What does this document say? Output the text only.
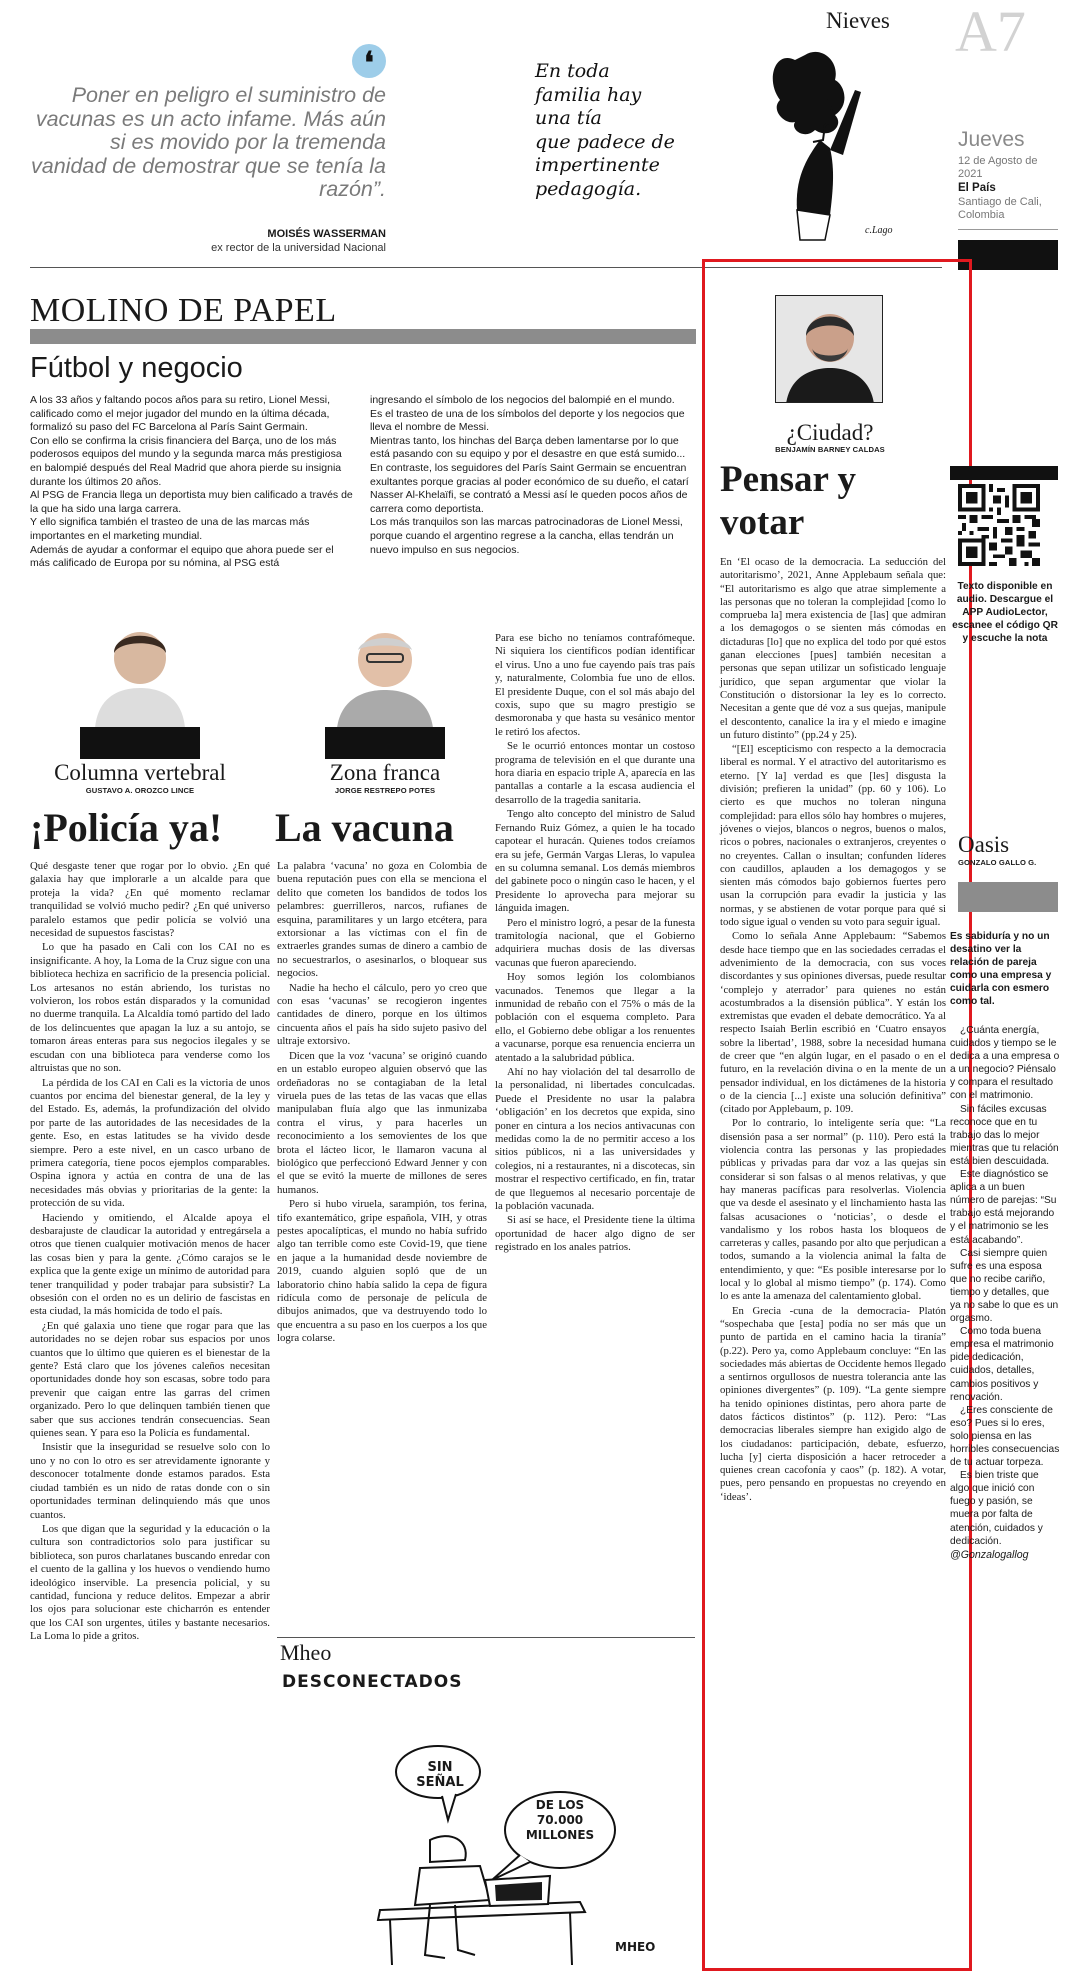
Nieves A7
❛
Poner en peligro el suministro de vacunas es un acto infame. Más aún si es movido por la tremenda vanidad de demostrar que se tenía la razón”.
MOISÉS WASSERMAN
ex rector de la universidad Nacional
En toda
familia hay
una tía
que padece de
impertinente
pedagogía.
c.Lago
Jueves
12 de Agosto de 2021
El País
Santiago de Cali, Colombia
MOLINO DE PAPEL
Fútbol y negocio

A los 33 años y faltando pocos años para su retiro, Lionel Messi, calificado como el mejor jugador del mundo en la última década, formalizó su paso del FC Barcelona al París Saint Germain.

Con ello se confirma la crisis financiera del Barça, uno de los más poderosos equipos del mundo y la segunda marca más prestigiosa en balompié después del Real Madrid que ahora pierde su insignia durante los últimos 20 años.

Al PSG de Francia llega un deportista muy bien calificado a través de la que ha sido una larga carrera.

Y ello significa también el trasteo de una de las marcas más importantes en el marketing mundial.

Además de ayudar a conformar el equipo que ahora puede ser el más calificado de Europa por su nómina, al PSG está

ingresando el símbolo de los negocios del balompié en el mundo.

Es el trasteo de una de los símbolos del deporte y los negocios que lleva el nombre de Messi.

Mientras tanto, los hinchas del Barça deben lamentarse por lo que está pasando con su equipo y por el desastre en que está sumido...

En contraste, los seguidores del París Saint Germain se encuentran exultantes porque gracias al poder económico de su dueño, el catarí Nasser Al-Khelaïfi, se contrató a Messi así le queden pocos años de carrera como deportista.

Los más tranquilos son las marcas patrocinadoras de Lionel Messi, porque cuando el argentino regrese a la cancha, ellas tendrán un nuevo impulso en sus negocios.

Columna vertebral
GUSTAVO A. OROZCO LINCE
¡Policía ya!

Qué desgaste tener que rogar por lo obvio. ¿En qué galaxia hay que implorarle a un alcalde para que proteja la vida? ¿En qué momento reclamar tranquilidad se volvió mucho pedir? ¿En qué universo paralelo estamos que pedir policía se volvió una necesidad de supuestos fascistas?

Lo que ha pasado en Cali con los CAI no es insignificante. A hoy, la Loma de la Cruz sigue con una biblioteca hechiza en sacrificio de la presencia policial. Los artesanos no están abriendo, los turistas no volvieron, los robos están disparados y la comunidad no duerme tranquila. La Alcaldía tomó partido del lado de los delincuentes que apagan la luz a su antojo, se tomaron áreas enteras para sus negocios ilegales y se escudan con una biblioteca para venderse como los altruistas que no son.

La pérdida de los CAI en Cali es la victoria de unos cuantos por encima del bienestar general, de la ley y del Estado. Es, además, la profundización del olvido por parte de las autoridades de las necesidades de la gente. Eso, en estas latitudes se ha vivido desde siempre. Pero a este nivel, en un casco urbano de primera categoría, tiene pocos ejemplos comparables. Ospina ignora y actúa en contra de una de las necesidades más obvias y prioritarias de la gente: la protección de su vida.

Haciendo y omitiendo, el Alcalde apoya el desbarajuste de claudicar la autoridad y entregársela a otros que tienen cualquier motivación menos de hacer las cosas bien y para la gente. ¿Cómo carajos se le explica que la gente exige un mínimo de autoridad para tener tranquilidad y poder trabajar para subsistir? La obsesión con el orden no es un delirio de fascistas en esta ciudad, la más homicida de todo el país.

¿En qué galaxia uno tiene que rogar para que las autoridades no se dejen robar sus espacios por unos cuantos que lo último que quieren es el bienestar de la gente? Está claro que los jóvenes caleños necesitan oportunidades donde hoy son escasas, sobre todo para prevenir que caigan entre las garras del crimen organizado. Pero lo que delinquen también tienen que saber que sus acciones tendrán consecuencias. Sean quienes sean. Y para eso la Policía es fundamental.

Insistir que la inseguridad se resuelve solo con lo uno y no con lo otro es ser atrevidamente ignorante y desconocer totalmente donde estamos parados. Esta ciudad también es un nido de ratas donde con o sin oportunidades terminan delinquiendo más que unos cuantos.

Los que digan que la seguridad y la educación o la cultura son contradictorios solo para justificar su biblioteca, son puros charlatanes buscando enredar con el cuento de la gallina y los huevos o vendiendo humo ideológico inservible. La presencia policial, y su cantidad, funciona y reduce delitos. Empezar a abrir los ojos para solucionar este chicharrón es entender que los CAI son urgentes, útiles y bastante necesarios. La Loma lo pide a gritos.

Zona franca
JORGE RESTREPO POTES
La vacuna

La palabra ‘vacuna’ no goza en Colombia de buena reputación pues con ella se menciona el delito que cometen los bandidos de todos los pelambres: guerrilleros, narcos, rufianes de esquina, paramilitares y un largo etcétera, para extorsionar a las víctimas con el fin de extraerles grandes sumas de dinero a cambio de no secuestrarlos, o asesinarlos, o bloquear sus negocios.

Nadie ha hecho el cálculo, pero yo creo que con esas ‘vacunas’ se recogieron ingentes cantidades de dinero, porque en los últimos cincuenta años el país ha sido sujeto pasivo del ultraje extorsivo.

Dicen que la voz ‘vacuna’ se originó cuando en un establo europeo alguien observó que las ordeñadoras no se contagiaban de la letal viruela pues de las tetas de las vacas que ellas manipulaban fluía algo que las inmunizaba contra el virus, y para hacerles un reconocimiento a los semovientes de los que brota el lácteo licor, le llamaron vacuna al biológico que perfeccionó Edward Jenner y con el que se evitó la muerte de millones de seres humanos.

Pero si hubo viruela, sarampión, tos ferina, tifo exantemático, gripe española, VIH, y otras pestes apocalípticas, el mundo no había sufrido algo tan terrible como este Covid-19, que tiene en jaque a la humanidad desde noviembre de 2019, cuando alguien sopló que de un laboratorio chino había salido la cepa de figura ridícula como de personaje de película de dibujos animados, que va destruyendo todo lo que encuentra a su paso en los cuerpos a los que logra colarse.

Para ese bicho no teníamos contrafómeque. Ni siquiera los científicos podían identificar el virus. Uno a uno fue cayendo país tras país y, naturalmente, Colombia fue uno de ellos. El presidente Duque, con el sol más abajo del coxis, supo que su magro prestigio se desmoronaba y que hasta su vesánico mentor le retiró los afectos.

Se le ocurrió entonces montar un costoso programa de televisión en el que durante una hora diaria en espacio triple A, aparecía en las pantallas a contarle a la escasa audiencia el desarrollo de la tragedia sanitaria.

Tengo alto concepto del ministro de Salud Fernando Ruiz Gómez, a quien le ha tocado capotear el huracán. Quienes todos creíamos era su jefe, Germán Vargas Lleras, lo vapulea en su columna semanal. Los demás miembros del gabinete poco o ningún caso le hacen, y el Presidente lo aprovecha para mejorar su lánguida imagen.

Pero el ministro logró, a pesar de la funesta tramitología nacional, que el Gobierno adquiriera muchas dosis de las diversas vacunas que fueron apareciendo.

Hoy somos legión los colombianos vacunados. Tenemos que llegar a la inmunidad de rebaño con el 75% o más de la población con el esquema completo. Para ello, el Gobierno debe obligar a los renuentes a vacunarse, porque esa renuencia encierra un atentado a la salubridad pública.

Ahí no hay violación del tal desarrollo de la personalidad, ni libertades conculcadas. Puede el Presidente no usar la palabra ‘obligación’ en los decretos que expida, sino poner en cintura a los necios antivacunas con medidas como la de no permitir acceso a los sitios públicos, ni a las universidades y colegios, ni a restaurantes, ni a discotecas, sin mostrar el respectivo certificado, en fin, tratar de que lleguemos al necesario porcentaje de la población vacunada.

Si así se hace, el Presidente tiene la última oportunidad de hacer algo digno de ser registrado en los anales patrios.

Mheo
DESCONECTADOS
SIN SEÑAL
DE LOS
70.000
MILLONES
MHEO
¿Ciudad?
BENJAMÍN BARNEY CALDAS
Pensar y
votar

En ‘El ocaso de la democracia. La seducción del autoritarismo’, 2021, Anne Applebaum señala que: “El autoritarismo es algo que atrae simplemente a las personas que no toleran la complejidad [como lo comprueba la] mera existencia de [las] que admiran a los demagogos o se sienten más cómodas en dictaduras [lo] que no explica del todo por qué estos ganan elecciones [pues] también necesitan a personas que sepan utilizar un sofisticado lenguaje jurídico, que sepan argumentar que violar la Constitución o distorsionar la ley es lo correcto. Necesitan a gente que dé voz a sus quejas, manipule el descontento, canalice la ira y el miedo e imagine un futuro distinto” (pp.24 y 25).

“[El] escepticismo con respecto a la democracia liberal es normal. Y el atractivo del autoritarismo es eterno. [Y la] verdad es que [les] disgusta la división; prefieren la unidad” (pp. 60 y 106). Lo cierto es que muchos no toleran ninguna complejidad: para ellos sólo hay hombres o mujeres, jóvenes o viejos, blancos o negros, buenos o malos, ricos o pobres, nacionales o extranjeros, creyentes o no creyentes. Callan o insultan; confunden líderes con caudillos, aplauden a los demagogos y se sienten más cómodos bajo gobiernos fuertes pero usan la corrupción para evadir la justicia y las normas, y se abstienen de votar porque para qué si todo sigue igual o venden su voto para seguir igual.

Como lo señala Anne Applebaum: “Sabemos desde hace tiempo que en las sociedades cerradas el advenimiento de la democracia, con sus voces discordantes y sus opiniones diversas, puede resultar ‘complejo y aterrador’ para quienes no están acostumbrados a la disensión pública”. Y están los extremistas que evaden el debate democrático. Ya al respecto Isaiah Berlin escribió en ‘Cuatro ensayos sobre la libertad’, 1988, sobre la necesidad humana de creer que “en algún lugar, en el pasado o en el futuro, en la revelación divina o en la mente de un pensador individual, en los dictámenes de la historia o de la ciencia [...] existe una solución definitiva” (citado por Applebaum, p. 109.

Por lo contrario, lo inteligente sería que: “La disensión pasa a ser normal” (p. 110). Pero está la violencia contra las personas y las propiedades públicas y privadas para dar voz a las quejas sin considerar si son falsas o al menos relativas, y que hay maneras pacíficas para resolverlas. Violencia que va desde el asesinato y el linchamiento hasta las falsas acusaciones o ‘noticias’, o desde el vandalismo y los robos hasta los bloqueos de carreteras y calles, pasando por alto que perjudican a todos, sumando a la violencia animal la falta de entendimiento, y que: “Es posible interesarse por lo local y lo global al mismo tiempo” (p. 174). Como lo es ante la amenaza del calentamiento global.

En Grecia -cuna de la democracia- Platón “sospechaba que [esta] podía no ser más que un punto de partida en el camino hacia la tiranía” (p.22). Pero ya, como Applebaum concluye: “En las sociedades más abiertas de Occidente hemos llegado a sentirnos orgullosos de nuestra tolerancia ante las opiniones divergentes” (p. 109). “La gente siempre ha tenido opiniones distintas, pero ahora parte de datos fácticos distintos” (p. 112). Pero: “Las democracias liberales siempre han exigido algo de los ciudadanos: participación, debate, esfuerzo, lucha [y] cierta disposición a hacer retroceder a quienes crean cacofonía y caos” (p. 182). A votar, pues, pero pensando en propuestas no creyendo en ‘ideas’.

Texto disponible en audio. Descargue el APP AudioLector, escanee el código QR y escuche la nota
Oasis
GONZALO GALLO G.
Es sabiduría y no un desatino ver la relación de pareja como una empresa y cuidarla con esmero como tal.

¿Cuánta energía, cuidados y tiempo se le dedica a una empresa o a un negocio? Piénsalo y compara el resultado con el matrimonio.

Sin fáciles excusas reconoce que en tu trabajo das lo mejor mientras que tu relación está bien descuidada.

Este diagnóstico se aplica a un buen número de parejas: “Su trabajo está mejorando y el matrimonio se les está acabando”.

Casi siempre quien sufre es una esposa que no recibe cariño, tiempo y detalles, que ya no sabe lo que es un orgasmo.

Como toda buena empresa el matrimonio pide dedicación, cuidados, detalles, cambios positivos y renovación.

¿Eres consciente de eso? Pues si lo eres, solo piensa en las horribles consecuencias de tu actuar torpeza.

Es bien triste que algo que inició con fuego y pasión, se muera por falta de atención, cuidados y dedicación.

@Gonzalogallog
